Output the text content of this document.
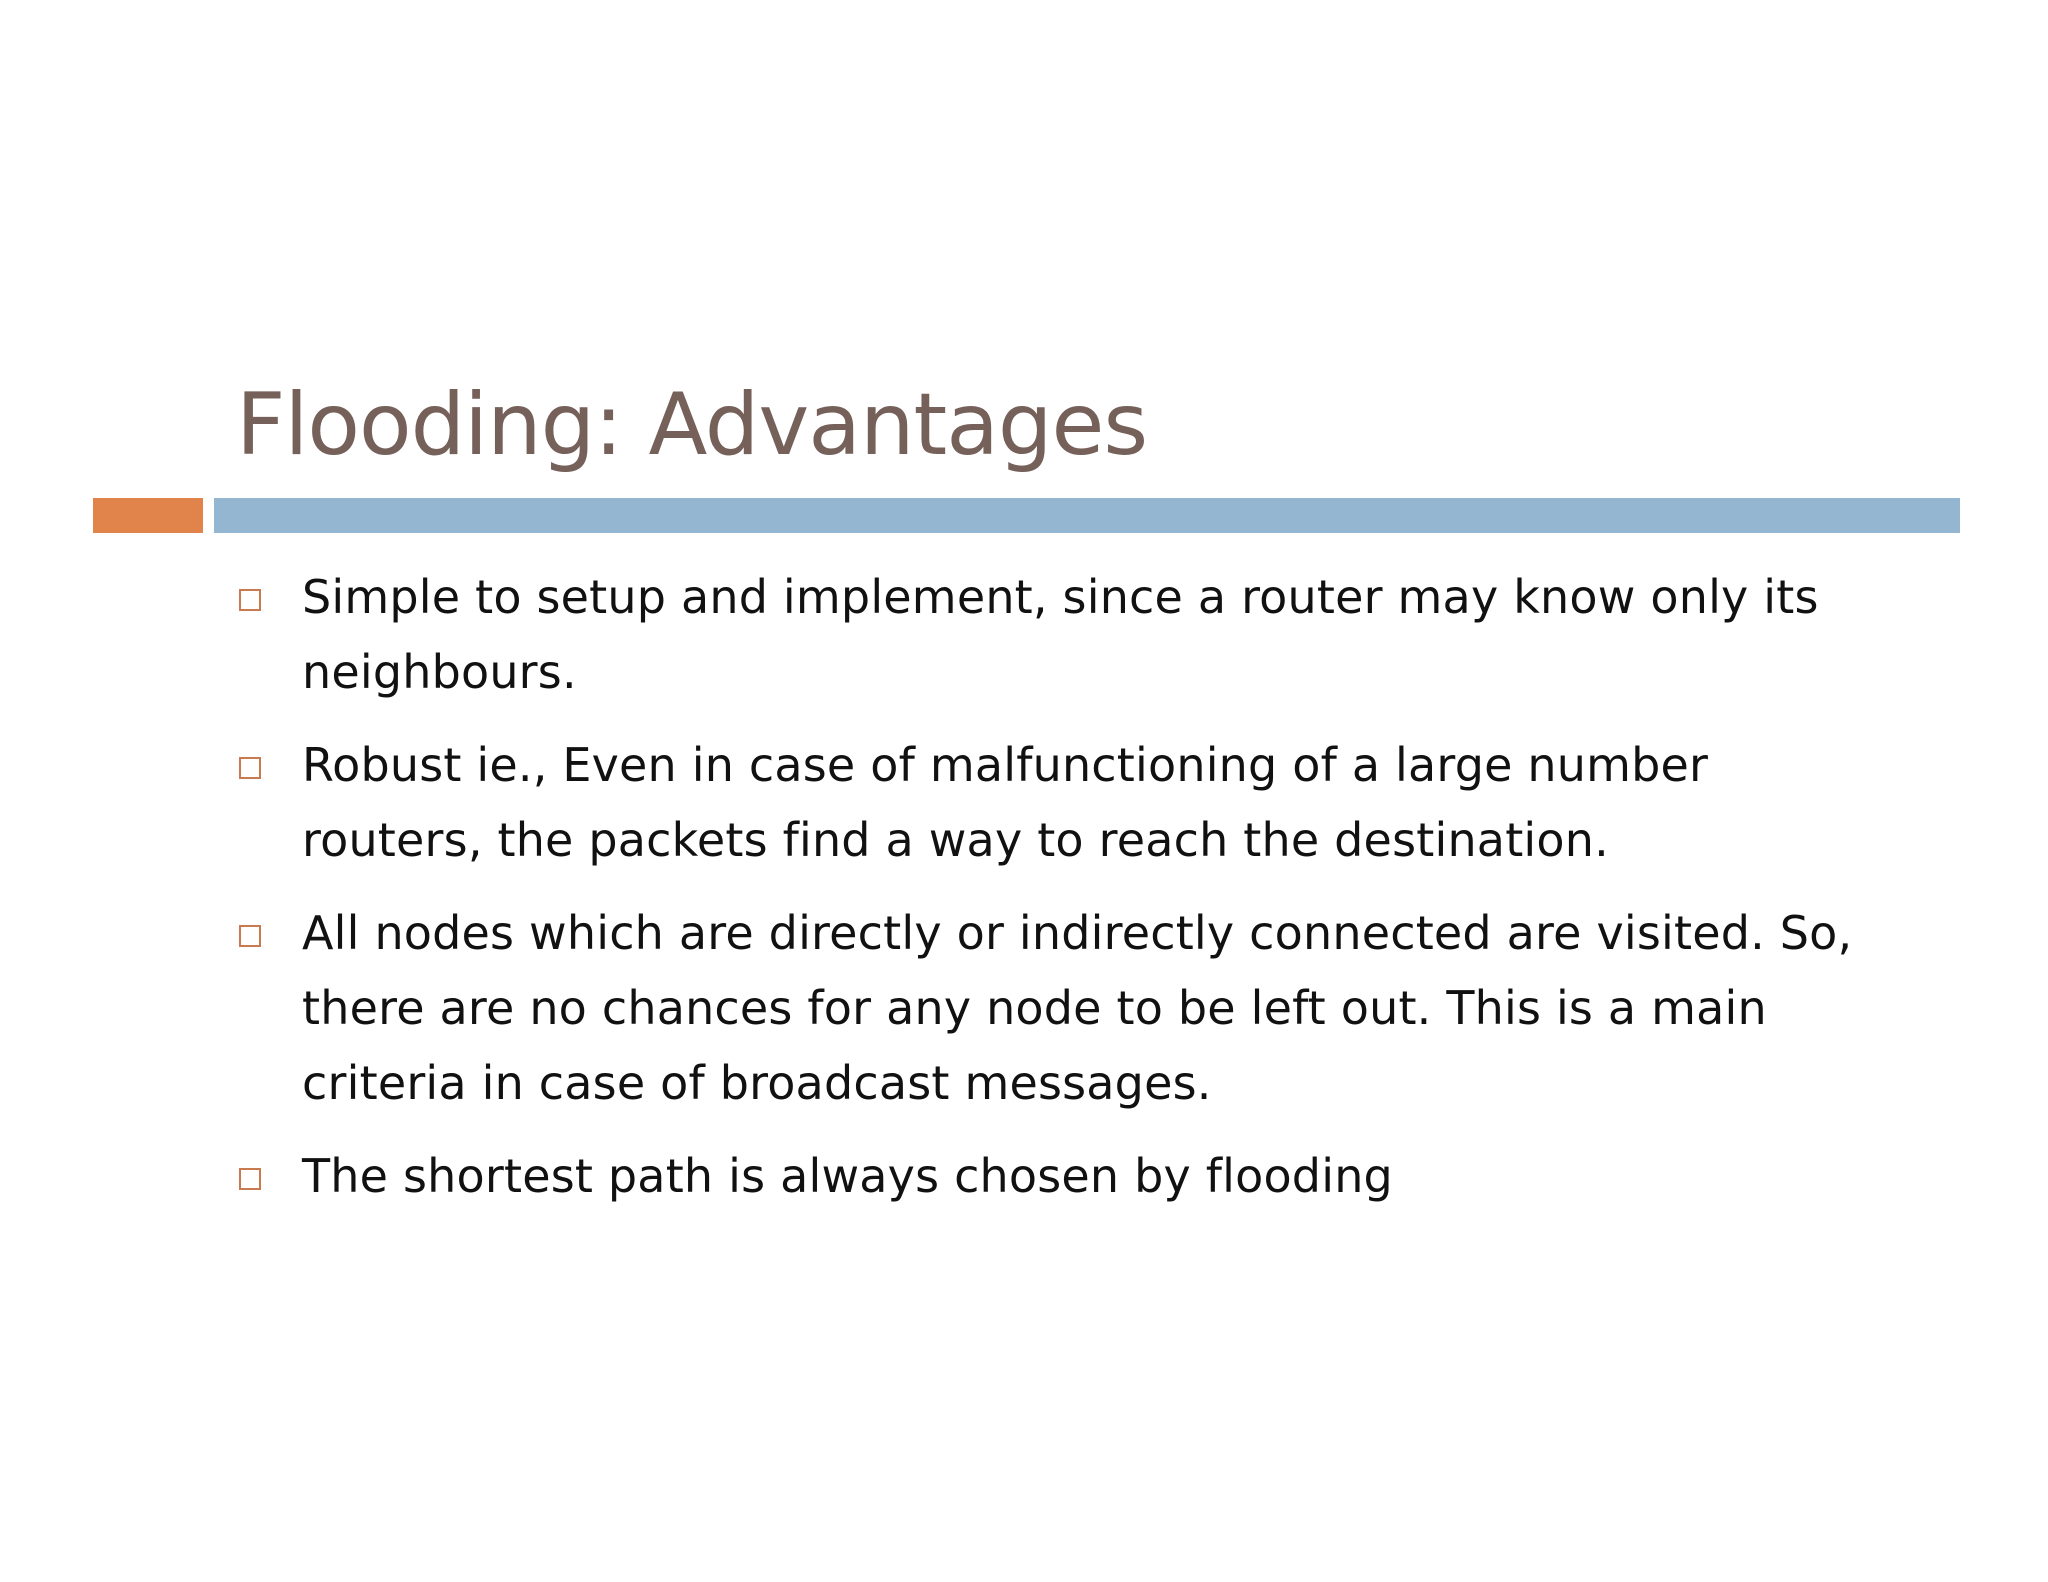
Flooding: Advantages
Simple to setup and implement, since a router may know only its neighbours.
Robust ie., Even in case of malfunctioning of a large number routers, the packets find a way to reach the destination.
All nodes which are directly or indirectly connected are visited. So, there are no chances for any node to be left out. This is a main criteria in case of broadcast messages.
The shortest path is always chosen by flooding
